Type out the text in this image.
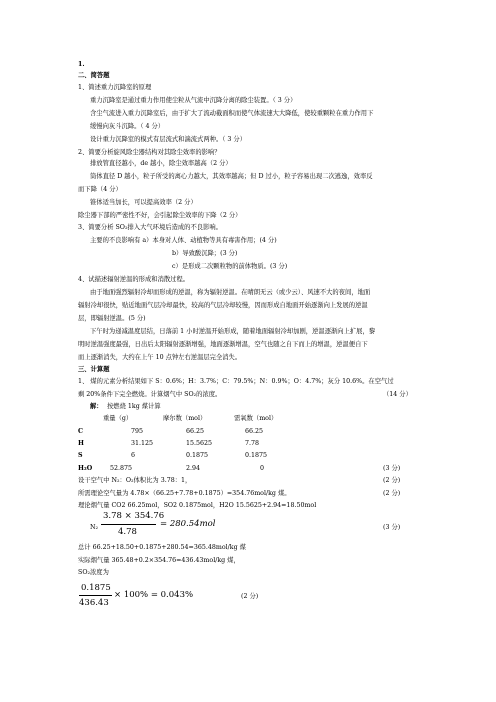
1.
二、简答题
1、简述重力沉降室的原理
重力沉降室是通过重力作用使尘粒从气流中沉降分离的除尘装置。（ 3 分）
含尘气流进入重力沉降室后，由于扩大了流动截面积而使气体流速大大降低，使较重颗粒在重力作用下
缓慢向灰斗沉降。（ 4 分）
设计重力沉降室的模式有层流式和湍流式两种。（ 3 分）
2、简要分析旋风除尘器结构对其除尘效率的影响？
排放管直径越小，de 越小，除尘效率越高（2 分）
筒体直径 D 越小，粒子所受的离心力越大，其效率越高；但 D 过小，粒子容易出现二次逃逸，效率反
而下降（4 分）
锥体适当加长，可以提高效率（2 分）
除尘器下部的严密性不好，会引起除尘效率的下降（2 分）
3、简要分析 SO₂排入大气环境后造成的不良影响。
主要的不良影响有 a）本身对人体、动植物等具有毒害作用；(4 分)
b）导致酸沉降；(3 分)
c）是形成二次颗粒物的前体物质。(3 分)
4、试描述辐射逆温的形成和消散过程。
由于地面强烈辐射冷却而形成的逆温，称为辐射逆温。在晴朗无云（或少云）、风速不大的夜间，地面
辐射冷却很快，贴近地面气层冷却最快，较高的气层冷却较慢，因而形成自地面开始逐渐向上发展的逆温
层，即辐射逆温。(5 分)
下午时为递减温度层结，日落前 1 小时逆温开始形成，随着地面辐射冷却加剧，逆温逐渐向上扩展，黎
明时逆温强度最强，日出后太阳辐射逐渐增强，地面逐渐增温，空气也随之自下而上的增温，逆温便自下
而上逐渐消失，大约在上午 10 点钟左右逆温层完全消失。
三、计算题
1、 煤的元素分析结果如下 S：0.6%；H：3.7%；C：79.5%；N：0.9%；O：4.7%；灰分 10.6%。在空气过
剩 20%条件下完全燃烧。计算烟气中 SO₂的浓度。	（14 分）
解： 按燃烧 1kg 煤计算
重量（g）	摩尔数（mol）	需氧数（mol）
C	795	66.25	66.25
H	31.125	15.5625	7.78
S	6	0.1875	0.1875
H₂O	52.875	2.94	0	(3 分)
设干空气中 N₂：O₂体积比为 3.78：1，	(2 分)
所需理论空气量为 4.78×（66.25+7.78+0.1875）=354.76mol/kg 煤。	(2 分)
理论烟气量 CO2 66.25mol，SO2 0.1875mol，H2O 15.5625+2.94=18.50mol
N₂
3.78 × 354.76
4.78
= 280.54mol	(3 分)
总计 66.25+18.50+0.1875+280.54=365.48mol/kg 煤
实际烟气量 365.48+0.2×354.76=436.43mol/kg 煤，
SO₂浓度为
0.1875
436.43
× 100% = 0.043%	(2 分)
